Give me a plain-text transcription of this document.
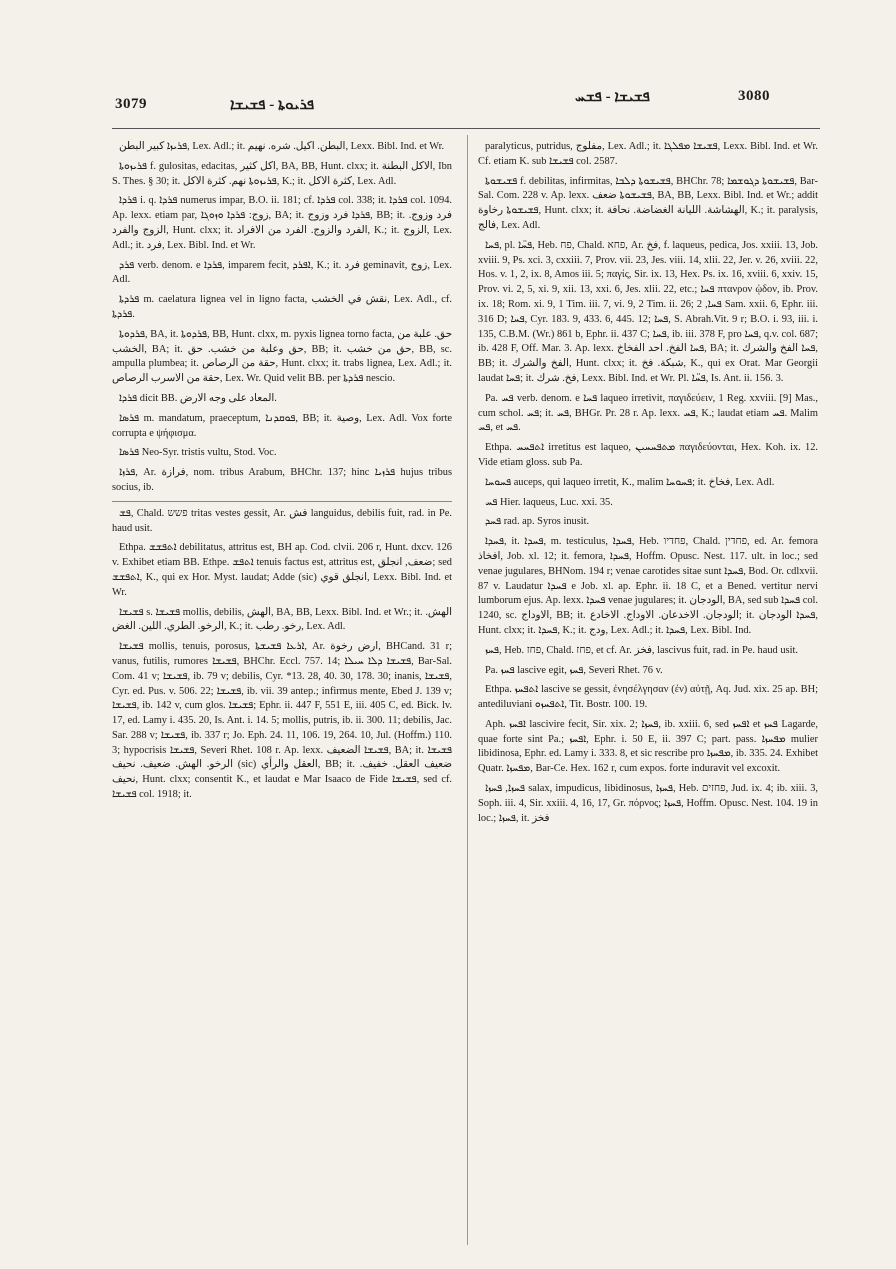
3079	ܦܪܝܘܬܐ - ܦܫܝܫܐ	ܦܫܝܫܐ - ܦܫܚ	3080

ܦܪܝܙܐ كبير البطن, Lex. Adl.; it. البطن. اكيل. شره. نهيم, Lexx. Bibl. Ind. et Wr.

ܦܪܝܙܘܬܐ f. gulositas, edacitas, اكل كثير, BA, BB, Hunt. clxx; it. الاكل البطنة, Ibn S. Thes. § 30; it. ܦܪܝܙܘܬܐ نهم. كثرة الاكل, K.; it. كثرة الاكل, Lex. Adl.

ܦܪܕܐ i. q. ܦܪܕܐ numerus impar, B.O. ii. 181; cf. ܦܪܕܐ col. 338; it. ܦܪܕܐ col. 1094. Ap. lexx. etiam par, زوج: ܦܪܕܐ ܘܙܘܓܐ, BA; it. ܦܪܕܐ فرد وزوج, BB; it. فرد وزوج. الزوج والفرد, Hunt. clxx; it. الفرد والزوج. الفرد من الافراد, K.; it. الزوج, Lex. Adl.; it. فرد, Lex. Bibl. Ind. et Wr.

ܦܪܕ verb. denom. e ܦܪܕܐ, imparem fecit, ܐܦܪܕ, K.; it. فرد geminavit, زوج, Lex. Adl.

ܦܪܕܬܐ m. caelatura lignea vel in ligno facta, نقش في الخشب, Lex. Adl., cf. ܦܪܕܬܐ.

ܦܪܕܘܬܐ, BA, it. ܦܪܕܘܬܐ, BB, Hunt. clxx, m. pyxis lignea torno facta, حق. علبة من الخشب, BA; it. حق وعلبة من خشب. حق, BB; it. حق من خشب, BB, sc. ampulla plumbea; it. حقة من الرصاص, Hunt. clxx; it. trabs lignea, Lex. Adl.; it. حقة من الاسرب الرصاص, Lex. Wr. Quid velit BB. per ܦܪܕܬܐ nescio.

ܦܪܕܐ dicit BB. المعاد على وجه الارض.

ܦܪܣܐ m. mandatum, praeceptum, ܦܘܩܕܢܐ, BB; it. وصية, Lex. Adl. Vox forte corrupta e ψήφισμα.

ܦܪܣܐ Neo-Syr. tristis vultu, Stod. Voc.

ܦܪܙܐ, Ar. فرازة, nom. tribus Arabum, BHChr. 137; hinc ܦܪܙܝܐ hujus tribus socius, ib.

ܦܫ, Chald. פשש tritas vestes gessit, Ar. فش languidus, debilis fuit, rad. in Pe. haud usit.

Ethpa. ܐܬܦܫܫ debilitatus, attritus est, BH ap. Cod. clvii. 206 r, Hunt. dxcv. 126 v. Exhibet etiam BB. Ethpe. ܐܬܦܫ tenuis factus est, attritus est, ضعف, انجلق; sed ܐܬܦܫܫ, K., qui ex Hor. Myst. laudat; Adde (sic) انجلق قوي, Lexx. Bibl. Ind. et Wr.

ܦܫܝܫܐ s. ܦܫܝܫܐ mollis, debilis, الهش, BA, BB, Lexx. Bibl. Ind. et Wr.; it. الهش. الرخو. الطري. اللين. الغض, K.; it. رخو. رطب, Lex. Adl.

ܦܫܝܫܐ mollis, tenuis, porosus, ܐܪܥܐ ܦܫܝܫܬܐ, Ar. ارض رخوة, BHCand. 31 r; vanus, futilis, rumores ܦܫܝܫܐ, BHChr. Eccl. 757. 14; ܦܫܝܫܐ ܕܠܐ ܚܝܠܐ, Bar-Sal. Com. 41 v; ܦܫܝܫܐ, ib. 79 v; debilis, Cyr. *13. 28, 40. 30, 178. 30; inanis, ܦܫܝܫܐ, Cyr. ed. Pus. v. 506. 22; ܦܫܝܫܐ, ib. vii. 39 antep.; infirmus mente, Ebed J. 139 v; ܦܫܝܫܐ, ib. 142 v, cum glos. ܦܫܝܫܐ; Ephr. ii. 447 F, 551 E, iii. 405 C, ed. Bick. lv. 17, ed. Lamy i. 435. 20, Is. Ant. i. 14. 5; mollis, putris, ib. ii. 300. 11; debilis, Jac. Sar. 288 v; ܦܫܝܫܐ, ib. 337 r; Jo. Eph. 24. 11, 106. 19, 264. 10, Jul. (Hoffm.) 110. 3; hypocrisis ܦܫܝܫܐ, Severi Rhet. 108 r. Ap. lexx. ܦܫܝܫܐ الضعيف, BA; it. ܦܫܝܫܐ الرخو. الهش. ضعيف. نحيف (sic) العقل والرأي, BB; it. ضعيف العقل. خفيف. نحيف, Hunt. clxx; consentit K., et laudat e Mar Isaaco de Fide ܦܫܝܫܐ, sed cf. ܦܫܝܫܐ col. 1918; it.

paralyticus, putridus, مفلوج, Lex. Adl.; it. ܦܫܝܫܐ ܡܦܠܓܐ, Lexx. Bibl. Ind. et Wr. Cf. etiam K. sub ܦܫܝܫܐ col. 2587.

ܦܫܝܫܘܬܐ f. debilitas, infirmitas, ܦܫܝܫܘܬܐ ܕܠܒܐ, BHChr. 78; ܦܫܝܫܘܬܐ ܕܓܘܫܡܐ, Bar-Sal. Com. 228 v. Ap. lexx. ܦܫܝܫܘܬܐ ضعف, BA, BB, Lexx. Bibl. Ind. et Wr.; addit ܦܫܝܫܘܬܐ رخاوة, Hunt. clxx; it. الهشاشة. الليانة الغضاضة. نحافة, K.; it. paralysis, فالج, Lex. Adl.

ܦܚܐ, pl. ܦܚ̈ܐ, Heb. פח, Chald. פחא, Ar. فخ, f. laqueus, pedica, Jos. xxiii. 13, Job. xviii. 9, Ps. xci. 3, cxxiii. 7, Prov. vii. 23, Jes. viii. 14, xlii. 22, Jer. v. 26, xviii. 22, Hos. v. 1, 2, ix. 8, Amos iii. 5; παγίς, Sir. ix. 13, Hex. Ps. ix. 16, xviii. 6, xxiv. 15, Prov. vi. 2, 5, xi. 9, xii. 13, xxi. 6, Jes. xlii. 22, etc.; ܦܚܐ πτανρον ᾠδον, ib. Prov. ix. 18; Rom. xi. 9, 1 Tim. iii. 7, vi. 9, 2 Tim. ii. 26; ܦܚܐ, 2 Sam. xxii. 6, Ephr. iii. 316 D; ܦܚܐ, Cyr. 183. 9, 433. 6, 445. 12; ܦܚܐ, S. Abrah.Vit. 9 r; B.O. i. 93, iii. i. 135, C.B.M. (Wr.) 861 b, Ephr. ii. 437 C; ܦܚܐ, ib. iii. 378 F, pro ܦܚܐ, q.v. col. 687; ib. 428 F, Off. Mar. 3. Ap. lexx. ܦܚܐ الفخ. احد الفخاخ, BA; it. ܦܚܐ الفخ والشرك, BB; it. الفخ والشرك, Hunt. clxx; it. شبكة. فخ, K., qui ex Orat. Mar Georgii laudat ܦܚܐ; it. فخ. شرك, Lexx. Bibl. Ind. et Wr. Pl. ܦܚ̈ܐ, Is. Ant. ii. 156. 3.

Pa. ܦܚ verb. denom. e ܦܚܐ laqueo irretivit, παγιδεύειν, 1 Reg. xxviii. [9] Mas., cum schol. ܦܚ; it. ܦܚ, BHGr. Pr. 28 r. Ap. lexx. ܦܚ, K.; laudat etiam ܦܚ. Malim ܦܚ, et ܦܚ.

Ethpa. ܐܬܦܚܚ irretitus est laqueo, ܡܬܦܚܚܝܢ παγιδεύονται, Hex. Koh. ix. 12. Vide etiam gloss. sub Pa.

ܦܚܘܚܐ auceps, qui laqueo irretit, K., malim ܦܚܘܚܐ; it. فخاخ, Lex. Adl.

ܦܚ Hier. laqueus, Luc. xxi. 35.

ܦܚܕ rad. ap. Syros inusit.

ܦܚܕܐ, it. ܦܚܕܐ, m. testiculus, ܦܚܕܐ, Heb. פחדיו, Chald. פחדין, ed. Ar. femora افخاذ, Job. xl. 12; it. femora, ܦܚܕܐ, Hoffm. Opusc. Nest. 117. ult. in loc.; sed venae jugulares, BHNom. 194 r; venae carotides sitae sunt ܦܚܕܐ, Bod. Or. cdlxvii. 87 v. Laudatur ܦܚܕܐ e Job. xl. ap. Ephr. ii. 18 C, et a Bened. vertitur nervi lumborum ejus. Ap. lexx. ܦܚܕܐ venae jugulares; it. الودجان, BA, sed sub ܦܚܕܐ col. 1240, sc. الاوداج, BB; it. الودجان. الاخدعان. الاوداج. الاخادع; it. ܦܚܕܐ الودجان, Hunt. clxx; it. ܦܚܕܐ, K.; it. ودج, Lex. Adl.; it. ܦܚܕܐ, Lex. Bibl. Ind.

ܦܚܙ, Heb. פחז, Chald. פחז, et cf. Ar. فخز, lascivus fuit, rad. in Pe. haud usit.

Pa. ܦܚܙ lascive egit, ܦܚܙ, Severi Rhet. 76 v.

Ethpa. ܐܬܦܚܙ lascive se gessit, ἐνησέλγησαν (ἐν) αὐτῇ, Aq. Jud. xix. 25 ap. BH; antediluviani ܐܬܦܚܙܘ, Tit. Bostr. 100. 19.

Aph. ܐܦܚܙ lascivire fecit, Sir. xix. 2; ܦܚܙܐ, ib. xxiii. 6, sed ܐܦܚܙ et ܦܚܙ Lagarde, quae forte sint Pa.; ܐܦܚܙ, Ephr. i. 50 E, ii. 397 C; part. pass. ܡܦܚܙܐ mulier libidinosa, Ephr. ed. Lamy i. 333. 8, et sic rescribe pro ܡܦܚܙܐ, ib. 335. 24. Exhibet Quatr. ܡܦܚܙܐ, Bar-Ce. Hex. 162 r, cum expos. forte induravit vel excoxit.

ܦܚܙܐ, ܦܚܙܐ salax, impudicus, libidinosus, ܦܚܙܐ, Heb. פחזים, Jud. ix. 4; ib. xiii. 3, Soph. iii. 4, Sir. xxiii. 4, 16, 17, Gr. πόρνος; ܦܚܙܐ, Hoffm. Opusc. Nest. 104. 19 in loc.; ܦܚܙܐ, it. فخز
